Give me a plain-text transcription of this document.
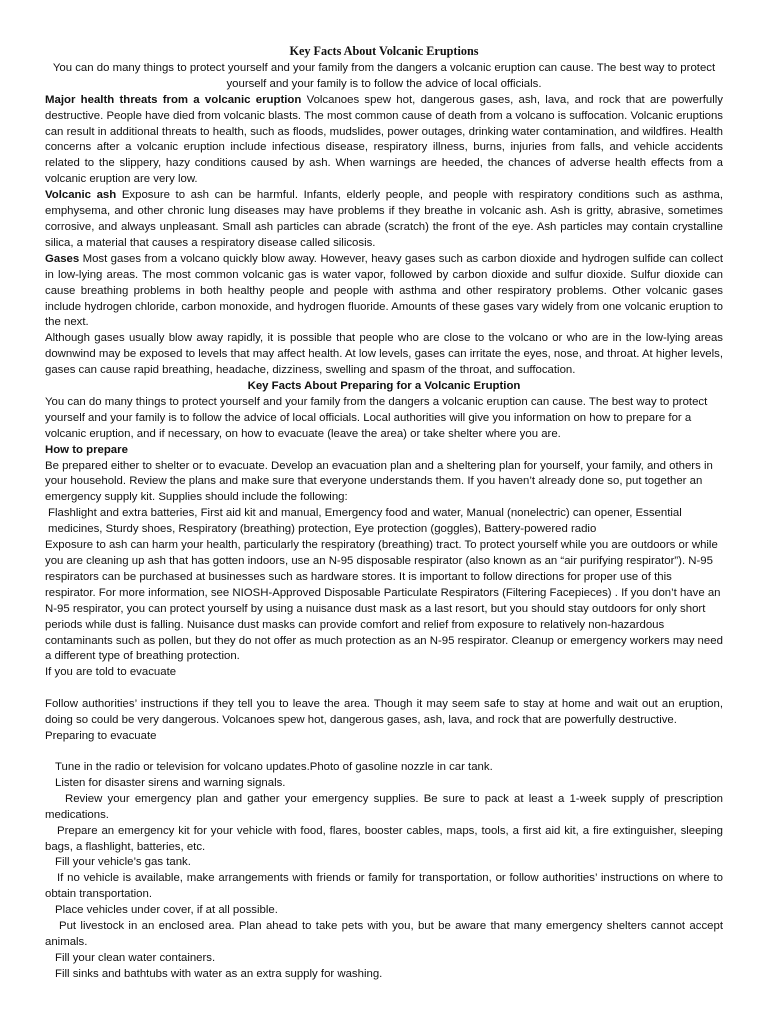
Key Facts About Volcanic Eruptions

You can do many things to protect yourself and your family from the dangers a volcanic eruption can cause. The best way to protect yourself and your family is to follow the advice of local officials.

Major health threats from a volcanic eruption Volcanoes spew hot, dangerous gases, ash, lava, and rock that are powerfully destructive. People have died from volcanic blasts. The most common cause of death from a volcano is suffocation. Volcanic eruptions can result in additional threats to health, such as floods, mudslides, power outages, drinking water contamination, and wildfires. Health concerns after a volcanic eruption include infectious disease, respiratory illness, burns, injuries from falls, and vehicle accidents related to the slippery, hazy conditions caused by ash. When warnings are heeded, the chances of adverse health effects from a volcanic eruption are very low.

Volcanic ash Exposure to ash can be harmful. Infants, elderly people, and people with respiratory conditions such as asthma, emphysema, and other chronic lung diseases may have problems if they breathe in volcanic ash. Ash is gritty, abrasive, sometimes corrosive, and always unpleasant. Small ash particles can abrade (scratch) the front of the eye. Ash particles may contain crystalline silica, a material that causes a respiratory disease called silicosis.

Gases Most gases from a volcano quickly blow away. However, heavy gases such as carbon dioxide and hydrogen sulfide can collect in low-lying areas. The most common volcanic gas is water vapor, followed by carbon dioxide and sulfur dioxide. Sulfur dioxide can cause breathing problems in both healthy people and people with asthma and other respiratory problems. Other volcanic gases include hydrogen chloride, carbon monoxide, and hydrogen fluoride. Amounts of these gases vary widely from one volcanic eruption to the next.

Although gases usually blow away rapidly, it is possible that people who are close to the volcano or who are in the low-lying areas downwind may be exposed to levels that may affect health. At low levels, gases can irritate the eyes, nose, and throat. At higher levels, gases can cause rapid breathing, headache, dizziness, swelling and spasm of the throat, and suffocation.

Key Facts About Preparing for a Volcanic Eruption

You can do many things to protect yourself and your family from the dangers a volcanic eruption can cause. The best way to protect yourself and your family is to follow the advice of local officials. Local authorities will give you information on how to prepare for a volcanic eruption, and if necessary, on how to evacuate (leave the area) or take shelter where you are.

How to prepare

Be prepared either to shelter or to evacuate. Develop an evacuation plan and a sheltering plan for yourself, your family, and others in your household. Review the plans and make sure that everyone understands them. If you haven’t already done so, put together an emergency supply kit. Supplies should include the following:

Flashlight and extra batteries, First aid kit and manual, Emergency food and water, Manual (nonelectric) can opener, Essential medicines, Sturdy shoes, Respiratory (breathing) protection, Eye protection (goggles), Battery-powered radio

Exposure to ash can harm your health, particularly the respiratory (breathing) tract. To protect yourself while you are outdoors or while you are cleaning up ash that has gotten indoors, use an N-95 disposable respirator (also known as an “air purifying respirator”). N-95 respirators can be purchased at businesses such as hardware stores. It is important to follow directions for proper use of this respirator. For more information, see NIOSH-Approved Disposable Particulate Respirators (Filtering Facepieces) . If you don’t have an N-95 respirator, you can protect yourself by using a nuisance dust mask as a last resort, but you should stay outdoors for only short periods while dust is falling. Nuisance dust masks can provide comfort and relief from exposure to relatively non-hazardous contaminants such as pollen, but they do not offer as much protection as an N-95 respirator. Cleanup or emergency workers may need a different type of breathing protection.

If you are told to evacuate

Follow authorities’ instructions if they tell you to leave the area. Though it may seem safe to stay at home and wait out an eruption, doing so could be very dangerous. Volcanoes spew hot, dangerous gases, ash, lava, and rock that are powerfully destructive.

Preparing to evacuate

Tune in the radio or television for volcano updates.Photo of gasoline nozzle in car tank.

Listen for disaster sirens and warning signals.

Review your emergency plan and gather your emergency supplies. Be sure to pack at least a 1-week supply of prescription medications.

Prepare an emergency kit for your vehicle with food, flares, booster cables, maps, tools, a first aid kit, a fire extinguisher, sleeping bags, a flashlight, batteries, etc.

Fill your vehicle’s gas tank.

If no vehicle is available, make arrangements with friends or family for transportation, or follow authorities’ instructions on where to obtain transportation.

Place vehicles under cover, if at all possible.

Put livestock in an enclosed area. Plan ahead to take pets with you, but be aware that many emergency shelters cannot accept animals.

Fill your clean water containers.

Fill sinks and bathtubs with water as an extra supply for washing.
